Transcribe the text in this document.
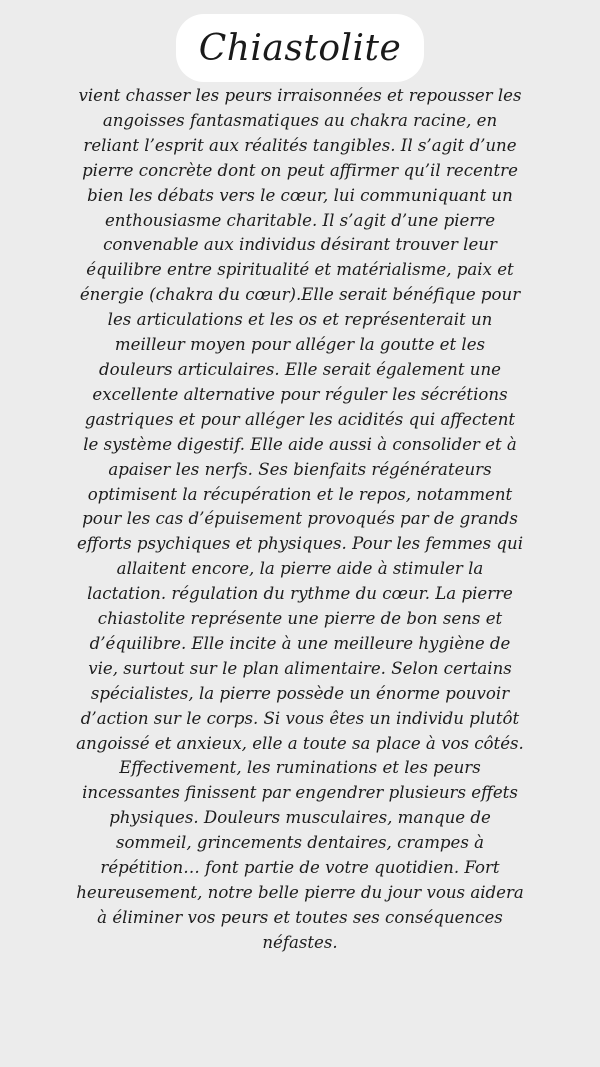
Chiastolite

vient chasser les peurs irraisonnées et repousser les angoisses fantasmatiques au chakra racine, en reliant l’esprit aux réalités tangibles. Il s’agit d’une pierre concrète dont on peut affirmer qu’il recentre bien les débats vers le cœur, lui communiquant un enthousiasme charitable. Il s’agit d’une pierre convenable aux individus désirant trouver leur équilibre entre spiritualité et matérialisme, paix et énergie (chakra du cœur).Elle serait bénéfique pour les articulations et les os et représenterait un meilleur moyen pour alléger la goutte et les douleurs articulaires. Elle serait également une excellente alternative pour réguler les sécrétions gastriques et pour alléger les acidités qui affectent le système digestif. Elle aide aussi à consolider et à apaiser les nerfs. Ses bienfaits régénérateurs optimisent la récupération et le repos, notamment pour les cas d’épuisement provoqués par de grands efforts psychiques et physiques. Pour les femmes qui allaitent encore, la pierre aide à stimuler la lactation. régulation du rythme du cœur. La pierre chiastolite représente une pierre de bon sens et d’équilibre. Elle incite à une meilleure hygiène de vie, surtout sur le plan alimentaire. Selon certains spécialistes, la pierre possède un énorme pouvoir d’action sur le corps. Si vous êtes un individu plutôt angoissé et anxieux, elle a toute sa place à vos côtés. Effectivement, les ruminations et les peurs incessantes finissent par engendrer plusieurs effets physiques. Douleurs musculaires, manque de sommeil, grincements dentaires, crampes à répétition… font partie de votre quotidien. Fort heureusement, notre belle pierre du jour vous aidera à éliminer vos peurs et toutes ses conséquences néfastes.
